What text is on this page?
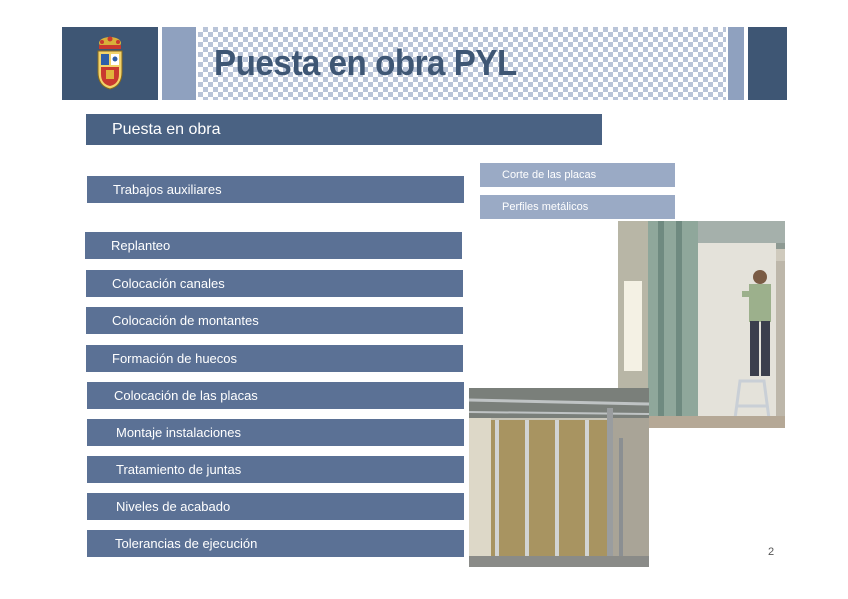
Puesta en obra PYL
Puesta en obra
Trabajos auxiliares
Replanteo
Colocación canales
Colocación de montantes
Formación de huecos
Colocación de las placas
Montaje instalaciones
Tratamiento de juntas
Niveles de acabado
Tolerancias de ejecución
Corte de las placas
Perfiles metálicos
2
